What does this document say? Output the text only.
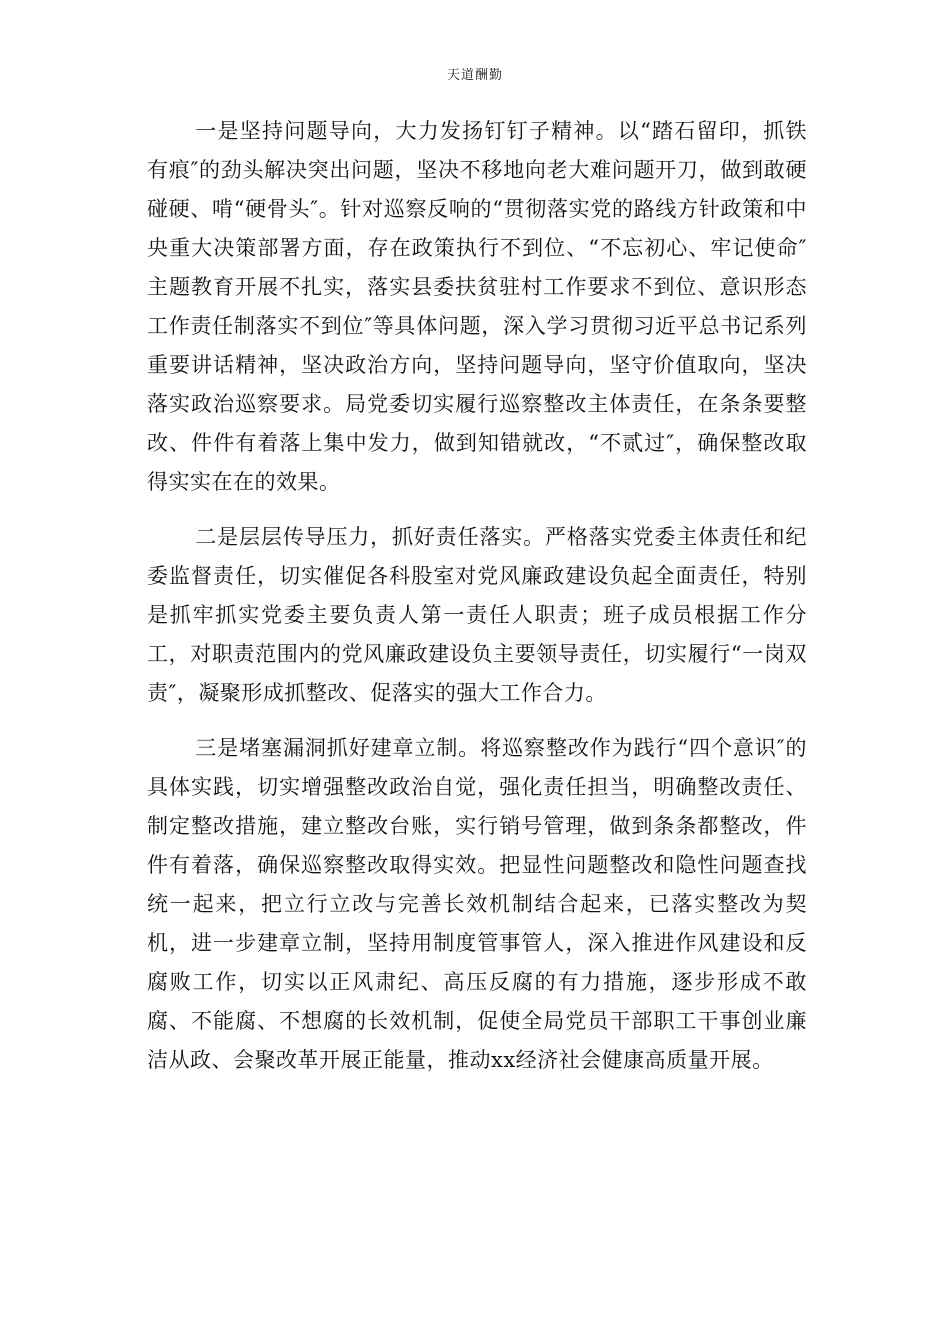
天道酬勤

一是坚持问题导向，大力发扬钉钉子精神。以“踏石留印，抓铁有痕″的劲头解决突出问题，坚决不移地向老大难问题开刀，做到敢硬碰硬、啃“硬骨头″。针对巡察反响的“贯彻落实党的路线方针政策和中央重大决策部署方面，存在政策执行不到位、“不忘初心、牢记使命″主题教育开展不扎实，落实县委扶贫驻村工作要求不到位、意识形态工作责任制落实不到位″等具体问题，深入学习贯彻习近平总书记系列重要讲话精神，坚决政治方向，坚持问题导向，坚守价值取向，坚决落实政治巡察要求。局党委切实履行巡察整改主体责任，在条条要整改、件件有着落上集中发力，做到知错就改，“不贰过″，确保整改取得实实在在的效果。

二是层层传导压力，抓好责任落实。严格落实党委主体责任和纪委监督责任，切实催促各科股室对党风廉政建设负起全面责任，特别是抓牢抓实党委主要负责人第一责任人职责；班子成员根据工作分工，对职责范围内的党风廉政建设负主要领导责任，切实履行“一岗双责″，凝聚形成抓整改、促落实的强大工作合力。

三是堵塞漏洞抓好建章立制。将巡察整改作为践行“四个意识″的具体实践，切实增强整改政治自觉，强化责任担当，明确整改责任、制定整改措施，建立整改台账，实行销号管理，做到条条都整改，件件有着落，确保巡察整改取得实效。把显性问题整改和隐性问题查找统一起来，把立行立改与完善长效机制结合起来，已落实整改为契机，进一步建章立制，坚持用制度管事管人，深入推进作风建设和反腐败工作，切实以正风肃纪、高压反腐的有力措施，逐步形成不敢腐、不能腐、不想腐的长效机制，促使全局党员干部职工干事创业廉洁从政、会聚改革开展正能量，推动xx经济社会健康高质量开展。
